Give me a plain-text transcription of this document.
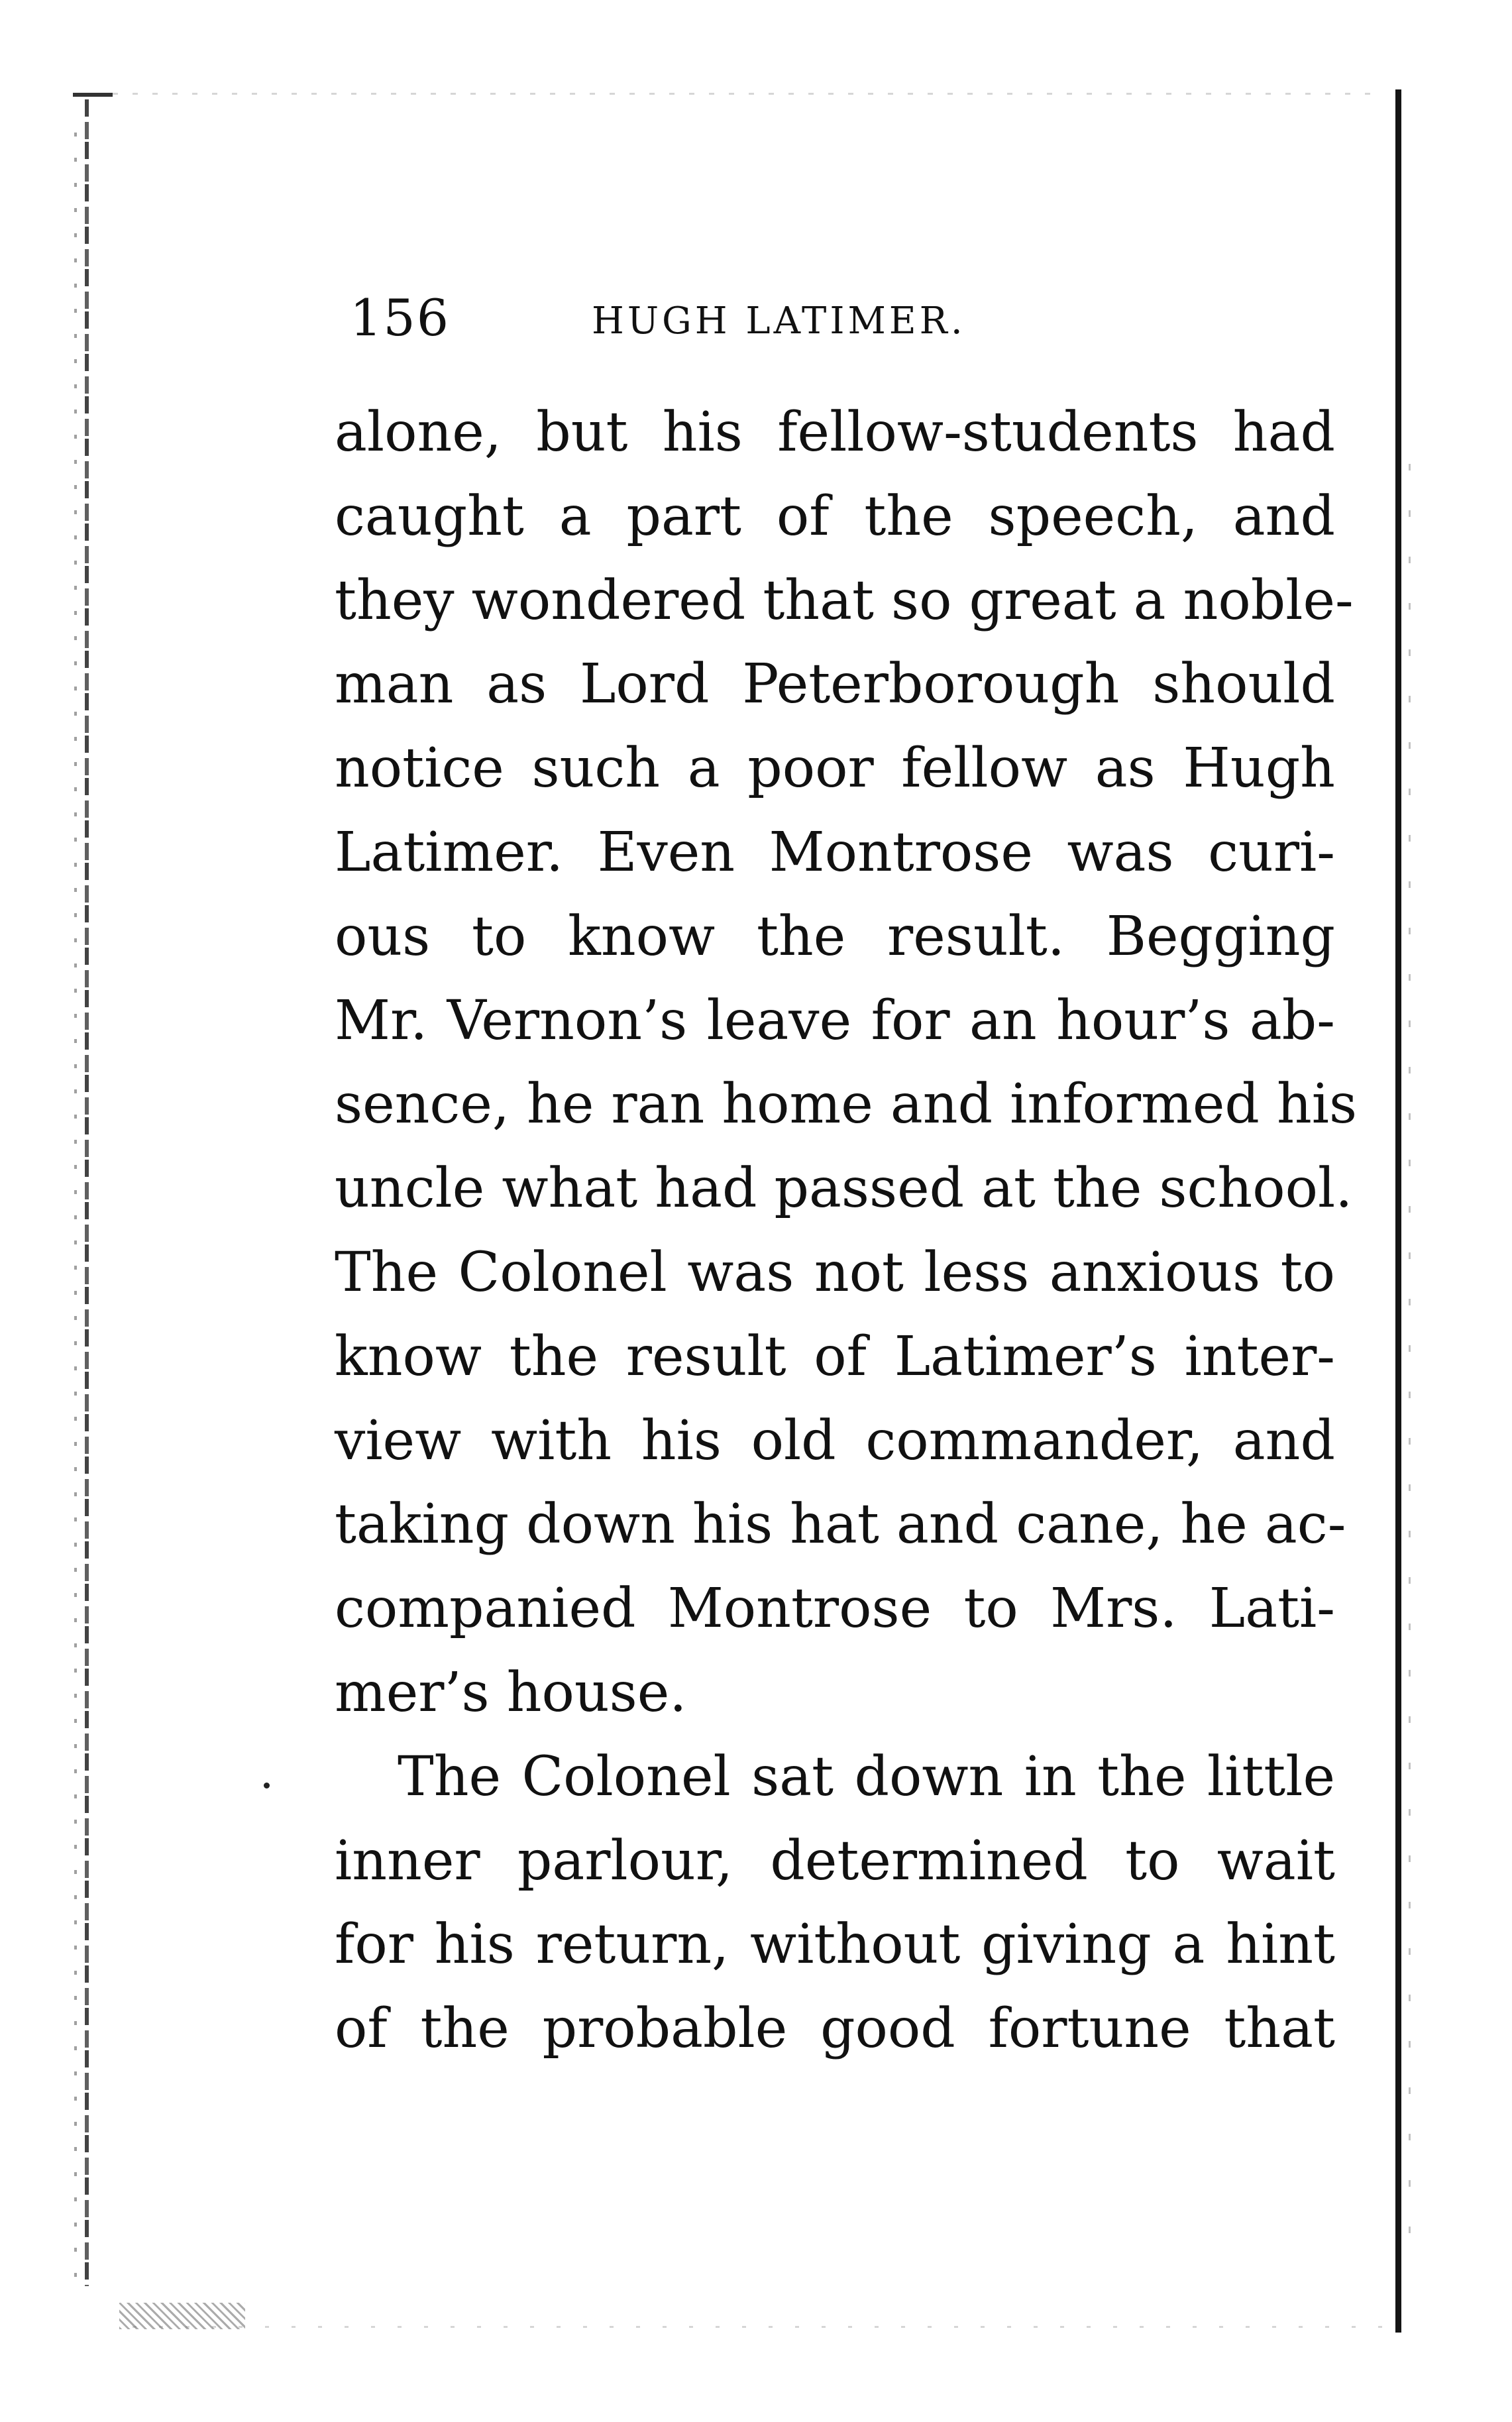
156	HUGH LATIMER.
alone, but his fellow-students had
caught a part of the speech, and
they wondered that so great a noble-
man as Lord Peterborough should
notice such a poor fellow as Hugh
Latimer. Even Montrose was curi-
ous to know the result. Begging
Mr. Vernon’s leave for an hour’s ab-
sence, he ran home and informed his
uncle what had passed at the school.
The Colonel was not less anxious to
know the result of Latimer’s inter-
view with his old commander, and
taking down his hat and cane, he ac-
companied Montrose to Mrs. Lati-
mer’s house.
The Colonel sat down in the little
inner parlour, determined to wait
for his return, without giving a hint
of the probable good fortune that
